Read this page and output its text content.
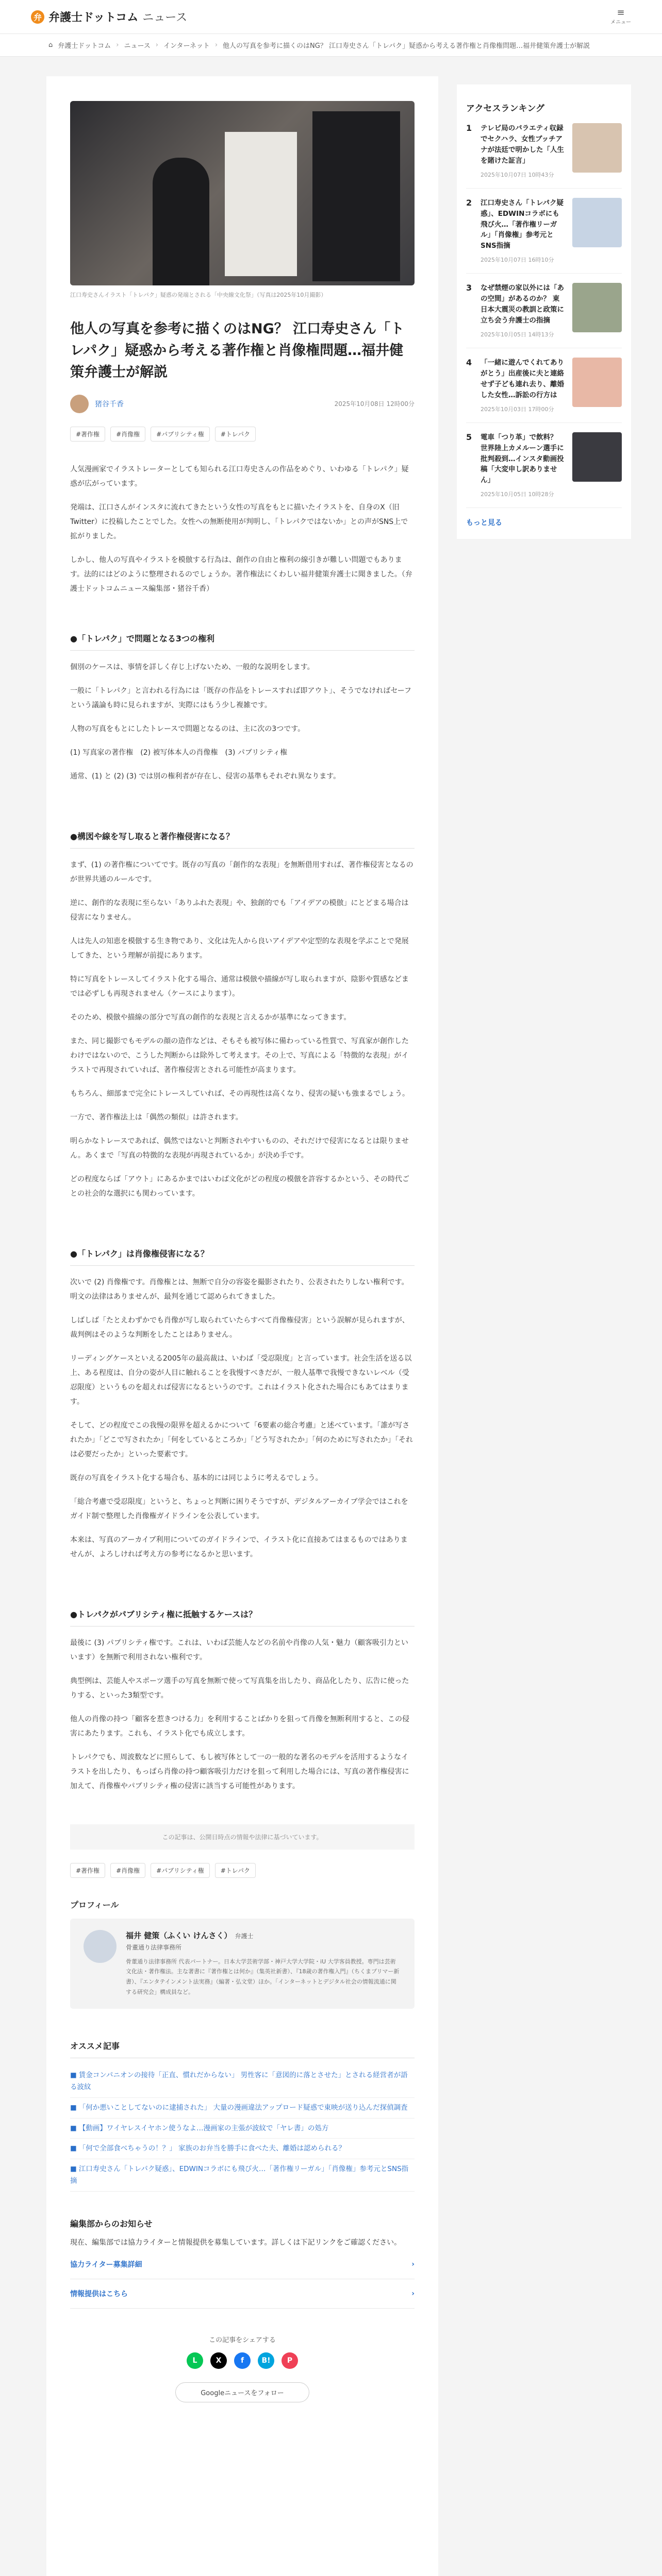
弁 弁護士ドットコム ニュース	≡
メニュー
⌂ 弁護士ドットコム › ニュース › インターネット › 他人の写真を参考に描くのはNG？ 江口寿史さん「トレパク」疑惑から考える著作権と肖像権問題…福井健策弁護士が解説
江口寿史さんイラスト「トレパク」疑惑の発端とされる「中央線文化祭」（写真は2025年10月撮影）
他人の写真を参考に描くのはNG？ 江口寿史さん「トレパク」疑惑から考える著作権と肖像権問題…福井健策弁護士が解説
猪谷千香	2025年10月08日 12時00分
#著作権	#肖像権	#パブリシティ権	#トレパク

人気漫画家でイラストレーターとしても知られる江口寿史さんの作品をめぐり、いわゆる「トレパク」疑惑が広がっています。

発端は、江口さんがインスタに流れてきたという女性の写真をもとに描いたイラストを、自身のX（旧Twitter）に投稿したことでした。女性への無断使用が判明し、「トレパクではないか」との声がSNS上で拡がりました。

しかし、他人の写真やイラストを模倣する行為は、創作の自由と権利の線引きが難しい問題でもあります。法的にはどのように整理されるのでしょうか。著作権法にくわしい福井健策弁護士に聞きました。（弁護士ドットコムニュース編集部・猪谷千香）

●「トレパク」で問題となる3つの権利

個別のケースは、事情を詳しく存じ上げないため、一般的な説明をします。

一般に「トレパク」と言われる行為には「既存の作品をトレースすれば即アウト」、そうでなければセーフという議論も時に見られますが、実際にはもう少し複雑です。

人物の写真をもとにしたトレースで問題となるのは、主に次の3つです。

(1) 写真家の著作権　(2) 被写体本人の肖像権　(3) パブリシティ権

通常、(1) と (2) (3) では別の権利者が存在し、侵害の基準もそれぞれ異なります。

●構図や線を写し取ると著作権侵害になる？

まず、(1) の著作権についてです。既存の写真の「創作的な表現」を無断借用すれば、著作権侵害となるのが世界共通のルールです。

逆に、創作的な表現に至らない「ありふれた表現」や、独創的でも「アイデアの模倣」にとどまる場合は侵害になりません。

人は先人の知恵を模倣する生き物であり、文化は先人から良いアイデアや定型的な表現を学ぶことで発展してきた、という理解が前提にあります。

特に写真をトレースしてイラスト化する場合、通常は模倣や描線が写し取られますが、陰影や質感などまでは必ずしも再現されません（ケースによります）。

そのため、模倣や描線の部分で写真の創作的な表現と言えるかが基準になってきます。

また、同じ撮影でもモデルの顔の造作などは、そもそも被写体に備わっている性質で、写真家が創作したわけではないので、こうした判断からは除外して考えます。その上で、写真による「特徴的な表現」がイラストで再現されていれば、著作権侵害とされる可能性が高まります。

もちろん、細部まで完全にトレースしていれば、その再現性は高くなり、侵害の疑いも強まるでしょう。

一方で、著作権法上は「偶然の類似」は許されます。

明らかなトレースであれば、偶然ではないと判断されやすいものの、それだけで侵害になるとは限りません。あくまで「写真の特徴的な表現が再現されているか」が決め手です。

どの程度ならば「アウト」にあるかまではいわば文化がどの程度の模倣を許容するかという、その時代ごとの社会的な選択にも関わっています。

●「トレパク」は肖像権侵害になる？

次いで (2) 肖像権です。肖像権とは、無断で自分の容姿を撮影されたり、公表されたりしない権利です。明文の法律はありませんが、最判を通じて認められてきました。

しばしば「たとえわずかでも肖像が写し取られていたらすべて肖像権侵害」という誤解が見られますが、裁判例はそのような判断をしたことはありません。

リーディングケースといえる2005年の最高裁は、いわば「受忍限度」と言っています。社会生活を送る以上、ある程度は、自分の姿が人目に触れることを我慢すべきだが、一般人基準で我慢できないレベル（受忍限度）というものを超えれば侵害になるというのです。これはイラスト化された場合にもあてはまります。

そして、どの程度でこの我慢の限界を超えるかについて「6要素の総合考慮」と述べています。「誰が写されたか」「どこで写されたか」「何をしているところか」「どう写されたか」「何のために写されたか」「それは必要だったか」といった要素です。

既存の写真をイラスト化する場合も、基本的には同じように考えるでしょう。

「総合考慮で受忍限度」というと、ちょっと判断に困りそうですが、デジタルアーカイブ学会ではこれをガイド制で整理した肖像権ガイドラインを公表しています。

本来は、写真のアーカイブ利用についてのガイドラインで、イラスト化に直接あてはまるものではありませんが、よろしければ考え方の参考になるかと思います。

●トレパクがパブリシティ権に抵触するケースは？

最後に (3) パブリシティ権です。これは、いわば芸能人などの名前や肖像の人気・魅力（顧客吸引力といいます）を無断で利用されない権利です。

典型例は、芸能人やスポーツ選手の写真を無断で使って写真集を出したり、商品化したり、広告に使ったりする、といった3類型です。

他人の肖像の持つ「顧客を惹きつける力」を利用することばかりを狙って肖像を無断利用すると、この侵害にあたります。これも、イラスト化でも成立します。

トレパクでも、周波数などに照らして、もし被写体として一の一般的な著名のモデルを活用するようなイラストを出したり、もっぱら肖像の持つ顧客吸引力だけを狙って利用した場合には、写真の著作権侵害に加えて、肖像権やパブリシティ権の侵害に該当する可能性があります。

この記事は、公開日時点の情報や法律に基づいています。
#著作権	#肖像権	#パブリシティ権	#トレパク
プロフィール
福井 健策（ふくい けんさく） 弁護士
骨董通り法律事務所
骨董通り法律事務所 代表パートナー。日本大学芸術学部・神戸大学大学院・iU 大学客員教授。専門は芸術文化法・著作権法。主な著書に『著作権とは何か』（集英社新書）、『18歳の著作権入門』（ちくまプリマー新書）、『エンタテインメント法実務』（編著・弘文堂）ほか。「インターネットとデジタル社会の情報流通に関する研究会」構成員など。
オススメ記事
■ 賃金コンパニオンの接待「正直、慣れだからない」 男性客に「意図的に落とさせた」とされる経営者が語る波紋
■ 「何か悪いことしてないのに逮捕された」 大量の漫画違法アップロード疑惑で東映が送り込んだ探偵調査
■ 【動画】ワイヤレスイヤホン使うなよ…漫画家の主張が波紋で「ヤレ書」の処方
■ 「何で全部食べちゃうの！？」 家族のお弁当を勝手に食べた夫、離婚は認められる？
■ 江口寿史さん「トレパク疑惑」、EDWINコラボにも飛び火…「著作権リーガル」「肖像権」参考元とSNS指摘
編集部からのお知らせ

現在、編集部では協力ライターと情報提供を募集しています。詳しくは下記リンクをご確認ください。

協力ライター募集詳細	›
情報提供はこちら	›
この記事をシェアする
L	X	f	B!	P
Googleニュースをフォロー
アクセスランキング
1 テレビ局のバラエティ収録でセクハラ、女性ブッチアナが法廷で明かした「人生を賭けた証言」
2025年10月07日 10時43分
2 江口寿史さん「トレパク疑惑」、EDWINコラボにも飛び火…「著作権リーガル」「肖像権」参考元とSNS指摘
2025年10月07日 16時10分
3 なぜ禁煙の家以外には「あの空間」があるのか？ 東日本大震災の教訓と政策に立ち会う弁護士の指摘
2025年10月05日 14時13分
4 「一緒に遊んでくれてありがとう」出産後に夫と連絡せず子ども連れ去り、離婚した女性…訴訟の行方は
2025年10月03日 17時00分
5 電車「つり革」で飲料？ 世界陸上カメルーン選手に批判殺到…インスタ動画投稿「大変申し訳ありません」
2025年10月05日 10時28分
もっと見る
